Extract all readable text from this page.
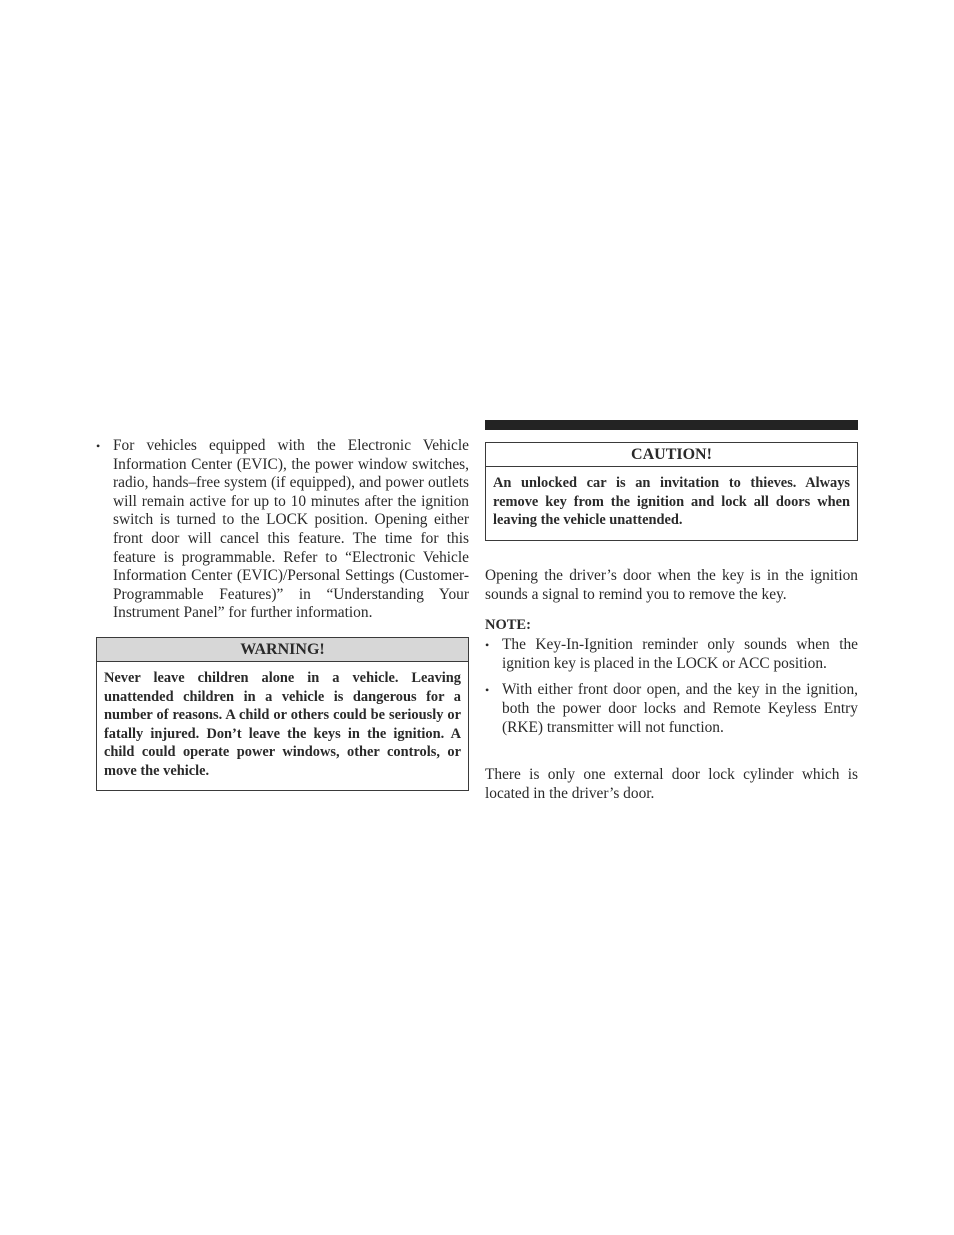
• For vehicles equipped with the Electronic Vehicle Information Center (EVIC), the power window switches, radio, hands–free system (if equipped), and power outlets will remain active for up to 10 minutes after the ignition switch is turned to the LOCK position. Opening either front door will cancel this feature. The time for this feature is programmable. Refer to “Electronic Vehicle Information Center (EVIC)/Personal Settings (Customer-Programmable Features)” in “Understanding Your Instrument Panel” for further information.
WARNING!
Never leave children alone in a vehicle. Leaving unattended children in a vehicle is dangerous for a number of reasons. A child or others could be seriously or fatally injured. Don’t leave the keys in the ignition. A child could operate power windows, other controls, or move the vehicle.
CAUTION!
An unlocked car is an invitation to thieves. Always remove key from the ignition and lock all doors when leaving the vehicle unattended.

Opening the driver’s door when the key is in the ignition sounds a signal to remind you to remove the key.

NOTE:
• The Key-In-Ignition reminder only sounds when the ignition key is placed in the LOCK or ACC position.
• With either front door open, and the key in the ignition, both the power door locks and Remote Keyless Entry (RKE) transmitter will not function.

There is only one external door lock cylinder which is located in the driver’s door.
